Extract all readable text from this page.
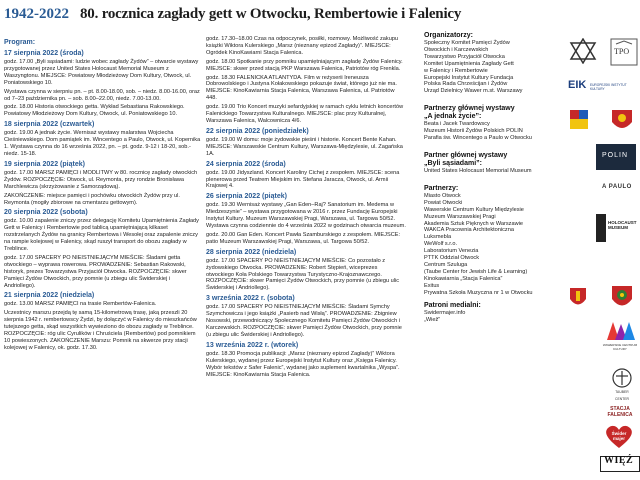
1942-2022 80. rocznica zagłady gett w Otwocku, Rembertowie i Falenicy
Program:
17 sierpnia 2022 (środa)
godz. 17.00 „Byli sąsiadami: ludzie wobec zagłady Żydów” – otwarcie wystawy przygotowanej przez United States Holocaust Memorial Museum z Waszyngtonu. MIEJSCE: Powiatowy Młodzieżowy Dom Kultury, Otwock, ul. Poniatowskiego 10.
Wystawa czynna w sierpniu pn. – pt. 8.00-18.00, sob. – niedz. 8.00-16.00, oraz od 7–23 października pn. – sob. 8.00–22.00, niedz. 7.00-13.00.
godz. 18.00 Historia otwockiego getta. Wykład Sebastiana Rakowskiego. Powiatowy Młodzieżowy Dom Kultury, Otwock, ul. Poniatowskiego 10.
18 sierpnia 2022 (czwartek)
godz. 19.00 A jednak życie. Wernisaż wystawy malarstwa Wojciecha Cieśniewskiego. Dom pamiątek im. Wincentego a Paulo, Otwock, ul. Kopernika 1. Wystawa czynna do 16 września 2022, pn. – pt. godz. 9-12 i 18-20, sob.-niedz. 15-18.
19 sierpnia 2022 (piątek)
godz. 17.00 MARSZ PAMIĘCI i MODLITWY w 80. rocznicę zagłady otwockich Żydów. ROZPOCZĘCIE: Otwock, ul. Reymonta, przy rondzie Bronisława Marchlewicza (skrzyżowanie z Samorządową).
ZAKOŃCZENIE: miejsce pamięci i pochówku otwockich Żydów przy ul. Reymonta (mogiły zbiorowe na cmentarzu gettowym).
20 sierpnia 2022 (sobota)
godz. 10.00 zapalenie zniczy przez delegację Komitetu Upamiętnienia Zagłady Gett w Falenicy i Rembertowie pod tablicą upamiętniającą kilkaset rozstrzelanych Żydów na granicy Rembertowa i Wesołej oraz zapalenie zniczy na rampie kolejowej w Falenicy, skąd ruszył transport do obozu zagłady w Treblince.
godz. 17.00 SPACERY PO NIEISTNIEJĄCYM MIEŚCIE: Śladami getta otwockiego – wyprawa rowerowa. PROWADZENIE: Sebastian Rakowski, historyk, prezes Towarzystwa Przyjaciół Otwocka. ROZPOCZĘCIE: skwer Pamięci Żydów Otwockich, przy pomnie (u zbiegu ulic Świderskiej i Andriollego).
21 sierpnia 2022 (niedziela)
godz. 13.00 MARSZ PAMIĘCI na trasie Rembertów-Falenica.
Uczestnicy marszu przejdą tę samą 15-kilometrową trasę, jaką przeszli 20 sierpnia 1942 r. rembertowscy Żydzi, by dołączyć w Falenicy do mieszkańców tutejszego getta, skąd wszystkich wywieziono do obozu zagłady w Treblince. ROZPOCZĘCIE: róg ulic Cyrulików i Chruściela (Rembertów) pod pomnikiem 10 powieszonych. ZAKOŃCZENIE Marszu: Pomnik na skwerze przy stacji kolejowej w Falenicy, ok. godz. 17.30.
godz. 17.30–18.00 Czas na odpoczynek, posiłki, rozmowy. Możliwość zakupu książki Wiktora Kulerskiego „Marsz (nieznany epizod Zagłady)”. MIEJSCE: Ogródek KinoKawiarni Stacja Falenica.
godz. 18.00 Spotkanie przy pomniku upamiętniającym zagładę Żydów Falenicy. MIEJSCE: skwer przed stacją PKP Warszawa Falenica, Patriotów róg Frenkla.
godz. 18.30 FALENICKA ATLANTYDA. Film w reżyserii Ireneusza Dobrowolskiego i Justyna Kołakowskiego pokazuje świat, którego już nie ma. MIEJSCE: KinoKawiarnia Stacja Falenica, Warszawa Falenica, ul. Patriotów 448.
godz. 19.00 Trio Koncert muzyki sefardyjskiej w ramach cyklu letnich koncertów Falenickiego Towarzystwa Kulturalnego. MIEJSCE: plac przy Kulturalnej, Warszawa Falenica, Walcownicza 4/6.
22 sierpnia 2022 (poniedziałek)
godz. 19.00 W domu: moje żydowskie pieśni i historie. Koncert Bente Kahan. MIEJSCE: Warszawskie Centrum Kultury, Warszawa-Międzylesie, ul. Zagańska 1A.
24 sierpnia 2022 (środa)
godz. 19.00 Jidyszland. Koncert Karoliny Cichej z zespołem. MIEJSCE: scena plenerowa przed Teatrem Miejskim im. Stefana Jaracza, Otwock, ul. Armii Krajowej 4.
26 sierpnia 2022 (piątek)
godz. 19.30 Wernisaż wystawy „Gan Eden–Raj? Sanatorium im. Medema w Miedzeszynie” – wystawa przygotowana w 2016 r. przez Fundację Europejski Instytut Kultury. Muzeum Warszawskiej Pragi, Warszawa, ul. Targowa 50/52. Wystawa czynna codziennie do 4 września 2022 w godzinach otwarcia muzeum.
godz. 20.00 Gan Eden. Koncert Pawła Szamburskiego z zespołem. MIEJSCE: patio Muzeum Warszawskiej Pragi, Warszawa, ul. Targowa 50/52.
28 sierpnia 2022 (niedziela)
godz. 17.00 SPACERY PO NIEISTNIEJĄCYM MIEŚCIE: Co pozostało z żydowskiego Otwocka. PROWADZENIE: Robert Stępień, wiceprezes otwockiego Koła Polskiego Towarzystwa Turystyczno-Krajoznawczego. ROZPOCZĘCIE: skwer Pamięci Żydów Otwockich, przy pomnie (u zbiegu ulic Świderskiej i Andriollego).
3 września 2022 r. (sobota)
godz. 17.00 SPACERY PO NIEISTNIEJĄCYM MIEŚCIE: Śladami Symchy Szymchowicza i jego książki „Pasierb nad Wisłą”. PROWADZENIE: Zbigniew Nosowski, przewodniczący Społecznego Komitetu Pamięci Żydów Otwockich i Karczewskich. ROZPOCZĘCIE: skwer Pamięci Żydów Otwockich, przy pomnie (u zbiegu ulic Świderskiej i Andriollego).
13 września 2022 r. (wtorek)
godz. 18.30 Promocja publikacji: „Marsz (nieznany epizod Zagłady)” Wiktora Kulerskiego, wydanej przez Europejski Instytut Kultury oraz „Księga Falenicy. Wybór tekstów z Safer Falenic”, wydanej jako suplement kwartalnika „Wyspa”. MIEJSCE: KinoKawiarnia Stacja Falenica.
Organizatorzy:
Społeczny Komitet Pamięci Żydów
Otwockich i Karczewskich
Towarzystwo Przyjaciół Otwocka
Komitet Upamiętnienia Zagłady Gett
w Falenicy i Rembertowie
Europejski Instytut Kultury Fundacja
Polska Rada Chrześcijan i Żydów
Urząd Dzielnicy Wawer m.st. Warszawy
Partnerzy głównej wystawy
„A jednak życie”:
Beata i Jacek Twardowscy
Muzeum Historii Żydów Polskich POLIN
Parafia św. Wincentego a Paulo w Otwocku
Partner głównej wystawy
„Byli sąsiadami”:
United States Holocaust Memorial Museum
Partnerzy:
Miasto Otwock
Powiat Otwocki
Wawerskie Centrum Kultury Międzylesie
Muzeum Warszawskiej Pragi
Akademia Sztuk Pięknych w Warszawie
WAKCA Pracownia Architektoniczna
Luksmebla
WeWolf s.r.o.
Laboratorium Venezia
PTTK Oddział Otwock
Centrum Szuluga
(Taube Center for Jewish Life & Learning)
Kinokawiarnia „Stacja Falenica”
Exitus
Prywatna Szkoła Muzyczna nr 1 w Otwocku
Patroni medialni:
Swidermajer.info
„Wiež”
TPO
EIK EUROPEJSKI INSTYTUT KULTURY
POLIN
A PAULO
HOLOCAUST MUSEUM
WAWERSKIE CENTRUM KULTURY
TAUBER CENTER
STACJA FALENICA
Świder majer
WIĘŹ
